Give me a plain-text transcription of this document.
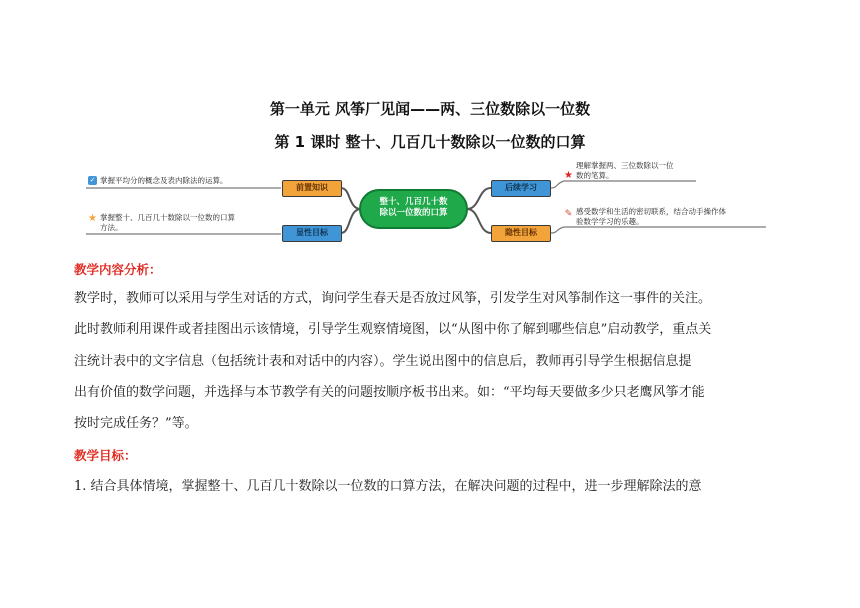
第一单元 风筝厂见闻——两、三位数除以一位数
第 1 课时 整十、几百几十数除以一位数的口算
✓ 掌握平均分的概念及表内除法的运算。
前置知识
★ 掌握整十、几百几十数除以一位数的口算
方法。
显性目标
整十、几百几十数
除以一位数的口算
后续学习
隐性目标
★
理解掌握两、三位数除以一位
数的笔算。
✎ 感受数学和生活的密切联系，结合动手操作体
验数学学习的乐趣。
教学内容分析：
教学时，教师可以采用与学生对话的方式，询问学生春天是否放过风筝，引发学生对风筝制作这一事件的关注。
此时教师利用课件或者挂图出示该情境，引导学生观察情境图，以“从图中你了解到哪些信息”启动教学，重点关
注统计表中的文字信息（包括统计表和对话中的内容）。学生说出图中的信息后，教师再引导学生根据信息提
出有价值的数学问题，并选择与本节教学有关的问题按顺序板书出来。如：“平均每天要做多少只老鹰风筝才能
按时完成任务？”等。
教学目标：
1. 结合具体情境，掌握整十、几百几十数除以一位数的口算方法，在解决问题的过程中，进一步理解除法的意
